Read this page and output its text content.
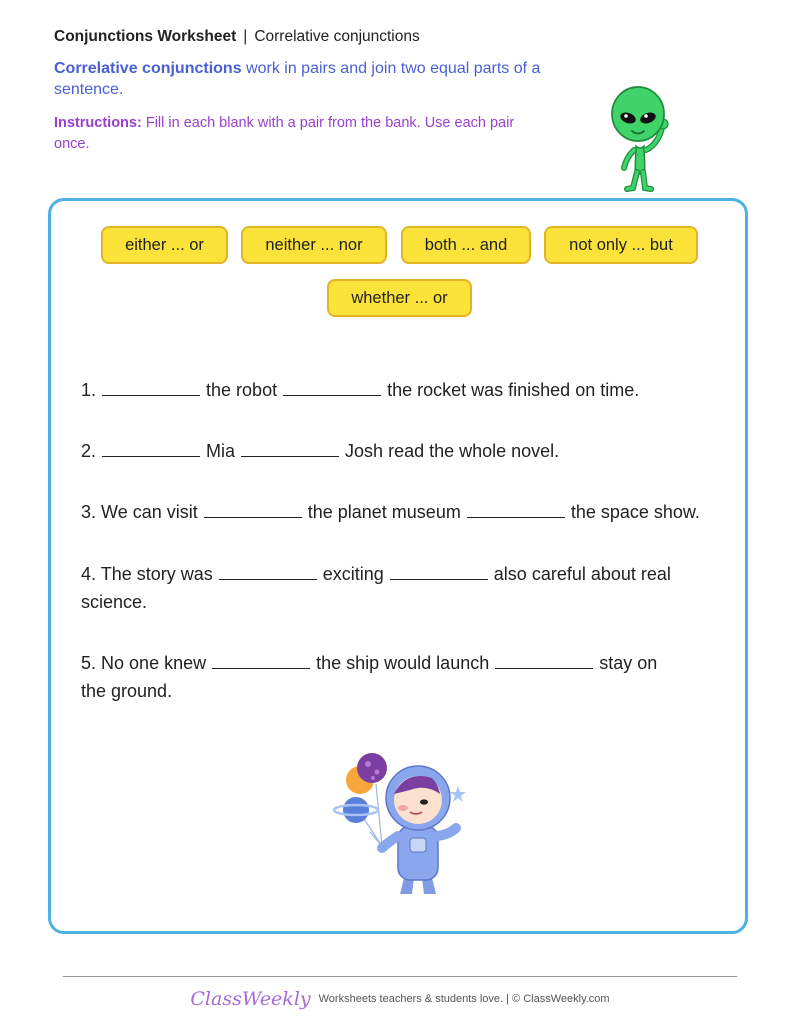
Conjunctions Worksheet | Correlative conjunctions
Correlative conjunctions work in pairs and join two equal parts of a sentence.
Instructions: Fill in each blank with a pair from the bank. Use each pair once.
either ... or	neither ... nor	both ... and	not only ... but
whether ... or
1.	the robot	the rocket was finished on time.
2.	Mia	Josh read the whole novel.
3. We can visit	the planet museum	the space show.
4. The story was	exciting	also careful about real science.
5. No one knew	the ship would launch	stay on the ground.
ClassWeekly Worksheets teachers & students love. | © ClassWeekly.com
